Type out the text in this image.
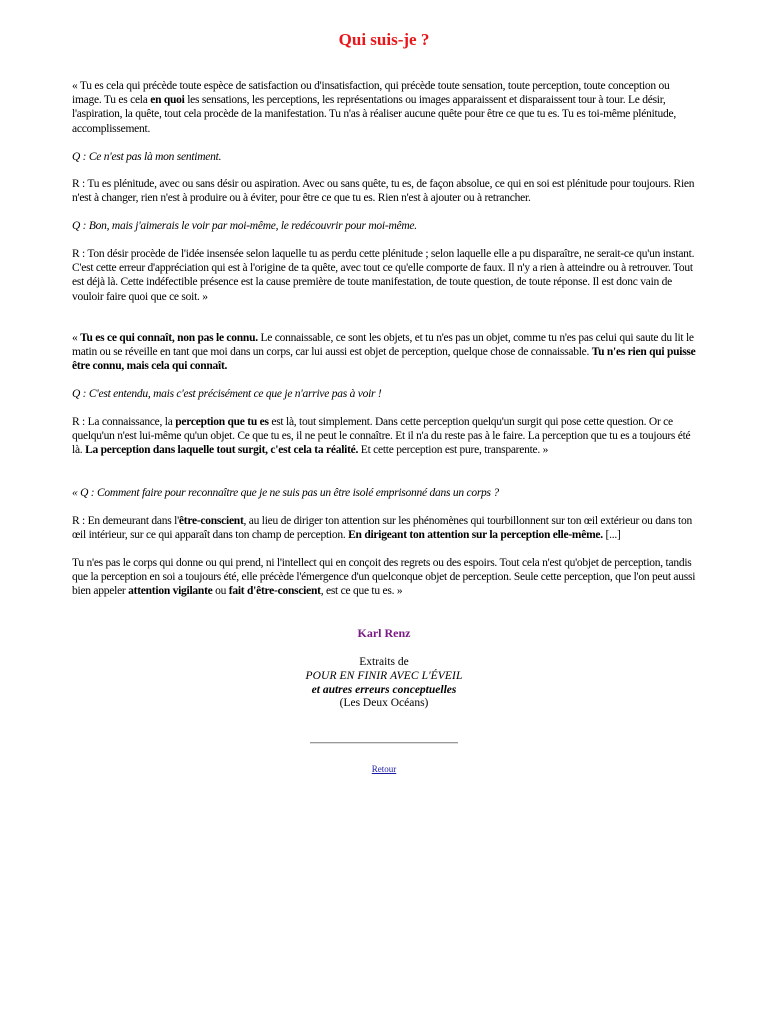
Qui suis-je ?
« Tu es cela qui précède toute espèce de satisfaction ou d'insatisfaction, qui précède toute sensation, toute perception, toute conception ou image. Tu es cela en quoi les sensations, les perceptions, les représentations ou images apparaissent et disparaissent tour à tour. Le désir, l'aspiration, la quête, tout cela procède de la manifestation. Tu n'as à réaliser aucune quête pour être ce que tu es. Tu es toi-même plénitude, accomplissement.
Q : Ce n'est pas là mon sentiment.
R : Tu es plénitude, avec ou sans désir ou aspiration. Avec ou sans quête, tu es, de façon absolue, ce qui en soi est plénitude pour toujours. Rien n'est à changer, rien n'est à produire ou à éviter, pour être ce que tu es. Rien n'est à ajouter ou à retrancher.
Q : Bon, mais j'aimerais le voir par moi-même, le redécouvrir pour moi-même.
R : Ton désir procède de l'idée insensée selon laquelle tu as perdu cette plénitude ; selon laquelle elle a pu disparaître, ne serait-ce qu'un instant. C'est cette erreur d'appréciation qui est à l'origine de ta quête, avec tout ce qu'elle comporte de faux. Il n'y a rien à atteindre ou à retrouver. Tout est déjà là. Cette indéfectible présence est la cause première de toute manifestation, de toute question, de toute réponse. Il est donc vain de vouloir faire quoi que ce soit. »
« Tu es ce qui connaît, non pas le connu. Le connaissable, ce sont les objets, et tu n'es pas un objet, comme tu n'es pas celui qui saute du lit le matin ou se réveille en tant que moi dans un corps, car lui aussi est objet de perception, quelque chose de connaissable. Tu n'es rien qui puisse être connu, mais cela qui connaît.
Q : C'est entendu, mais c'est précisément ce que je n'arrive pas à voir !
R : La connaissance, la perception que tu es est là, tout simplement. Dans cette perception quelqu'un surgit qui pose cette question. Or ce quelqu'un n'est lui-même qu'un objet. Ce que tu es, il ne peut le connaître. Et il n'a du reste pas à le faire. La perception que tu es a toujours été là. La perception dans laquelle tout surgit, c'est cela ta réalité. Et cette perception est pure, transparente. »
« Q : Comment faire pour reconnaître que je ne suis pas un être isolé emprisonné dans un corps ?
R : En demeurant dans l'être-conscient, au lieu de diriger ton attention sur les phénomènes qui tourbillonnent sur ton œil extérieur ou dans ton œil intérieur, sur ce qui apparaît dans ton champ de perception. En dirigeant ton attention sur la perception elle-même. [...]
Tu n'es pas le corps qui donne ou qui prend, ni l'intellect qui en conçoit des regrets ou des espoirs. Tout cela n'est qu'objet de perception, tandis que la perception en soi a toujours été, elle précède l'émergence d'un quelconque objet de perception. Seule cette perception, que l'on peut aussi bien appeler attention vigilante ou fait d'être-conscient, est ce que tu es. »
Karl Renz
Extraits de
POUR EN FINIR AVEC L'ÉVEIL
et autres erreurs conceptuelles
(Les Deux Océans)
Retour
